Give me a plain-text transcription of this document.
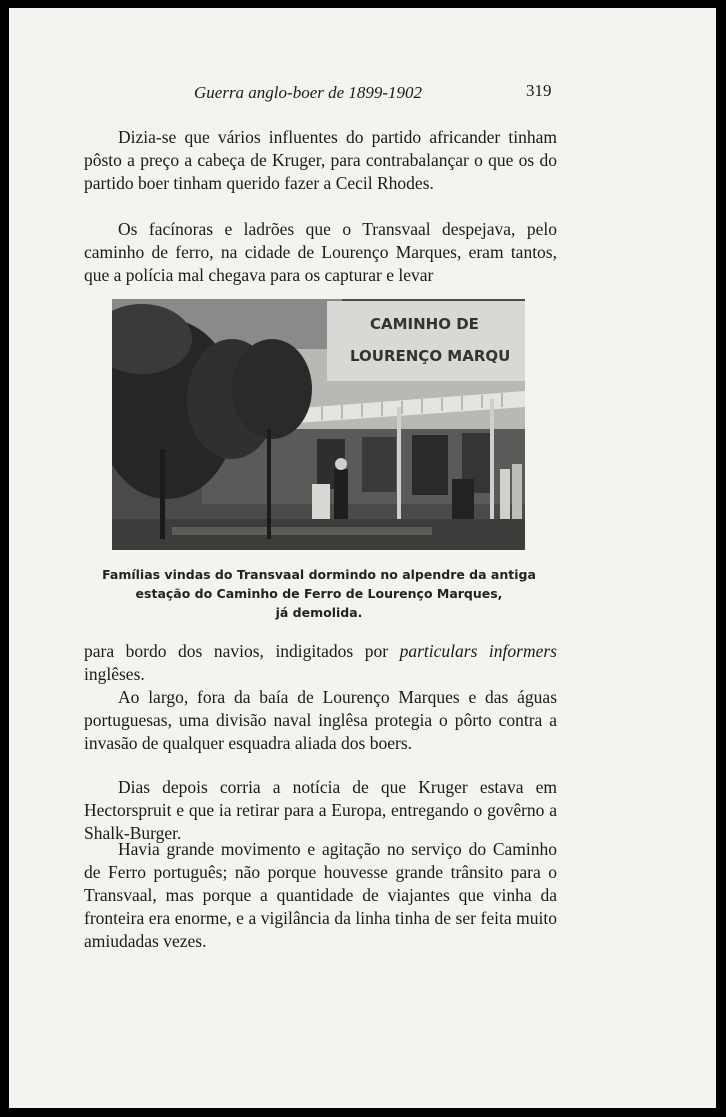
Guerra anglo-boer de 1899-1902	319

Dizia-se que vários influentes do partido africander tinham pôsto a preço a cabeça de Kruger, para contrabalançar o que os do partido boer tinham querido fazer a Cecil Rhodes.

Os facínoras e ladrões que o Transvaal despejava, pelo caminho de ferro, na cidade de Lourenço Marques, eram tantos, que a polícia mal chegava para os capturar e levar

CAMINHO DE
LOURENÇO MARQU
Famílias vindas do Transvaal dormindo no alpendre da antiga
estação do Caminho de Ferro de Lourenço Marques,
já demolida.

para bordo dos navios, indigitados por particulars informers inglêses.

Ao largo, fora da baía de Lourenço Marques e das águas portuguesas, uma divisão naval inglêsa protegia o pôrto contra a invasão de qualquer esquadra aliada dos boers.

Dias depois corria a notícia de que Kruger estava em Hectorspruit e que ia retirar para a Europa, entregando o govêrno a Shalk-Burger.

Havia grande movimento e agitação no serviço do Caminho de Ferro português; não porque houvesse grande trânsito para o Transvaal, mas porque a quantidade de viajantes que vinha da fronteira era enorme, e a vigilância da linha tinha de ser feita muito amiudadas vezes.
